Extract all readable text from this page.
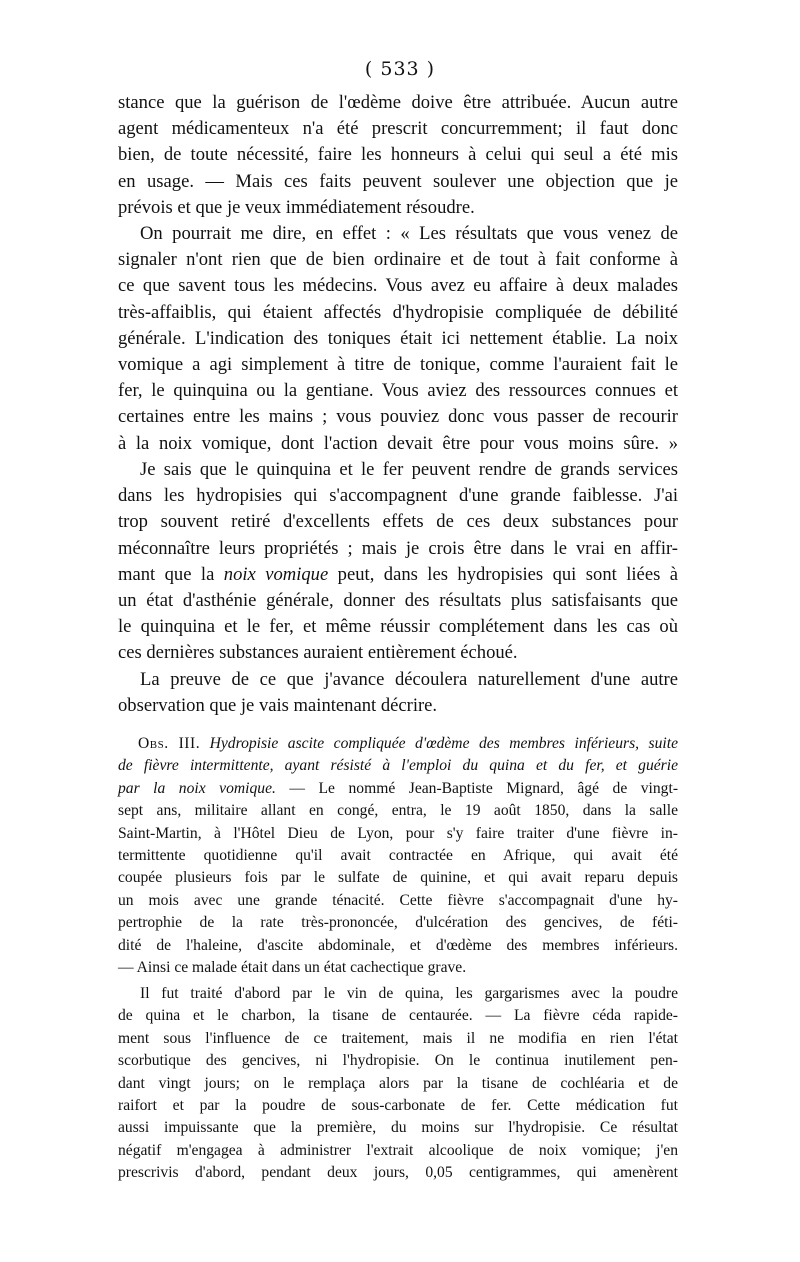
( 533 )
stance que la guérison de l'œdème doive être attribuée. Aucun autre
agent médicamenteux n'a été prescrit concurremment; il faut donc
bien, de toute nécessité, faire les honneurs à celui qui seul a été mis
en usage. — Mais ces faits peuvent soulever une objection que je
prévois et que je veux immédiatement résoudre.
On pourrait me dire, en effet : « Les résultats que vous venez de
signaler n'ont rien que de bien ordinaire et de tout à fait conforme à
ce que savent tous les médecins. Vous avez eu affaire à deux malades
très-affaiblis, qui étaient affectés d'hydropisie compliquée de débilité
générale. L'indication des toniques était ici nettement établie. La noix
vomique a agi simplement à titre de tonique, comme l'auraient fait le
fer, le quinquina ou la gentiane. Vous aviez des ressources connues et
certaines entre les mains ; vous pouviez donc vous passer de recourir
à la noix vomique, dont l'action devait être pour vous moins sûre. »
Je sais que le quinquina et le fer peuvent rendre de grands services
dans les hydropisies qui s'accompagnent d'une grande faiblesse. J'ai
trop souvent retiré d'excellents effets de ces deux substances pour
méconnaître leurs propriétés ; mais je crois être dans le vrai en affir-
mant que la noix vomique peut, dans les hydropisies qui sont liées à
un état d'asthénie générale, donner des résultats plus satisfaisants que
le quinquina et le fer, et même réussir complétement dans les cas où
ces dernières substances auraient entièrement échoué.
La preuve de ce que j'avance découlera naturellement d'une autre
observation que je vais maintenant décrire.
Obs. III. Hydropisie ascite compliquée d'œdème des membres inférieurs, suite
de fièvre intermittente, ayant résisté à l'emploi du quina et du fer, et guérie
par la noix vomique. — Le nommé Jean-Baptiste Mignard, âgé de vingt-
sept ans, militaire allant en congé, entra, le 19 août 1850, dans la salle
Saint-Martin, à l'Hôtel Dieu de Lyon, pour s'y faire traiter d'une fièvre in-
termittente quotidienne qu'il avait contractée en Afrique, qui avait été
coupée plusieurs fois par le sulfate de quinine, et qui avait reparu depuis
un mois avec une grande ténacité. Cette fièvre s'accompagnait d'une hy-
pertrophie de la rate très-prononcée, d'ulcération des gencives, de féti-
dité de l'haleine, d'ascite abdominale, et d'œdème des membres inférieurs.
— Ainsi ce malade était dans un état cachectique grave.
Il fut traité d'abord par le vin de quina, les gargarismes avec la poudre
de quina et le charbon, la tisane de centaurée. — La fièvre céda rapide-
ment sous l'influence de ce traitement, mais il ne modifia en rien l'état
scorbutique des gencives, ni l'hydropisie. On le continua inutilement pen-
dant vingt jours; on le remplaça alors par la tisane de cochléaria et de
raifort et par la poudre de sous-carbonate de fer. Cette médication fut
aussi impuissante que la première, du moins sur l'hydropisie. Ce résultat
négatif m'engagea à administrer l'extrait alcoolique de noix vomique; j'en
prescrivis d'abord, pendant deux jours, 0,05 centigrammes, qui amenèrent
